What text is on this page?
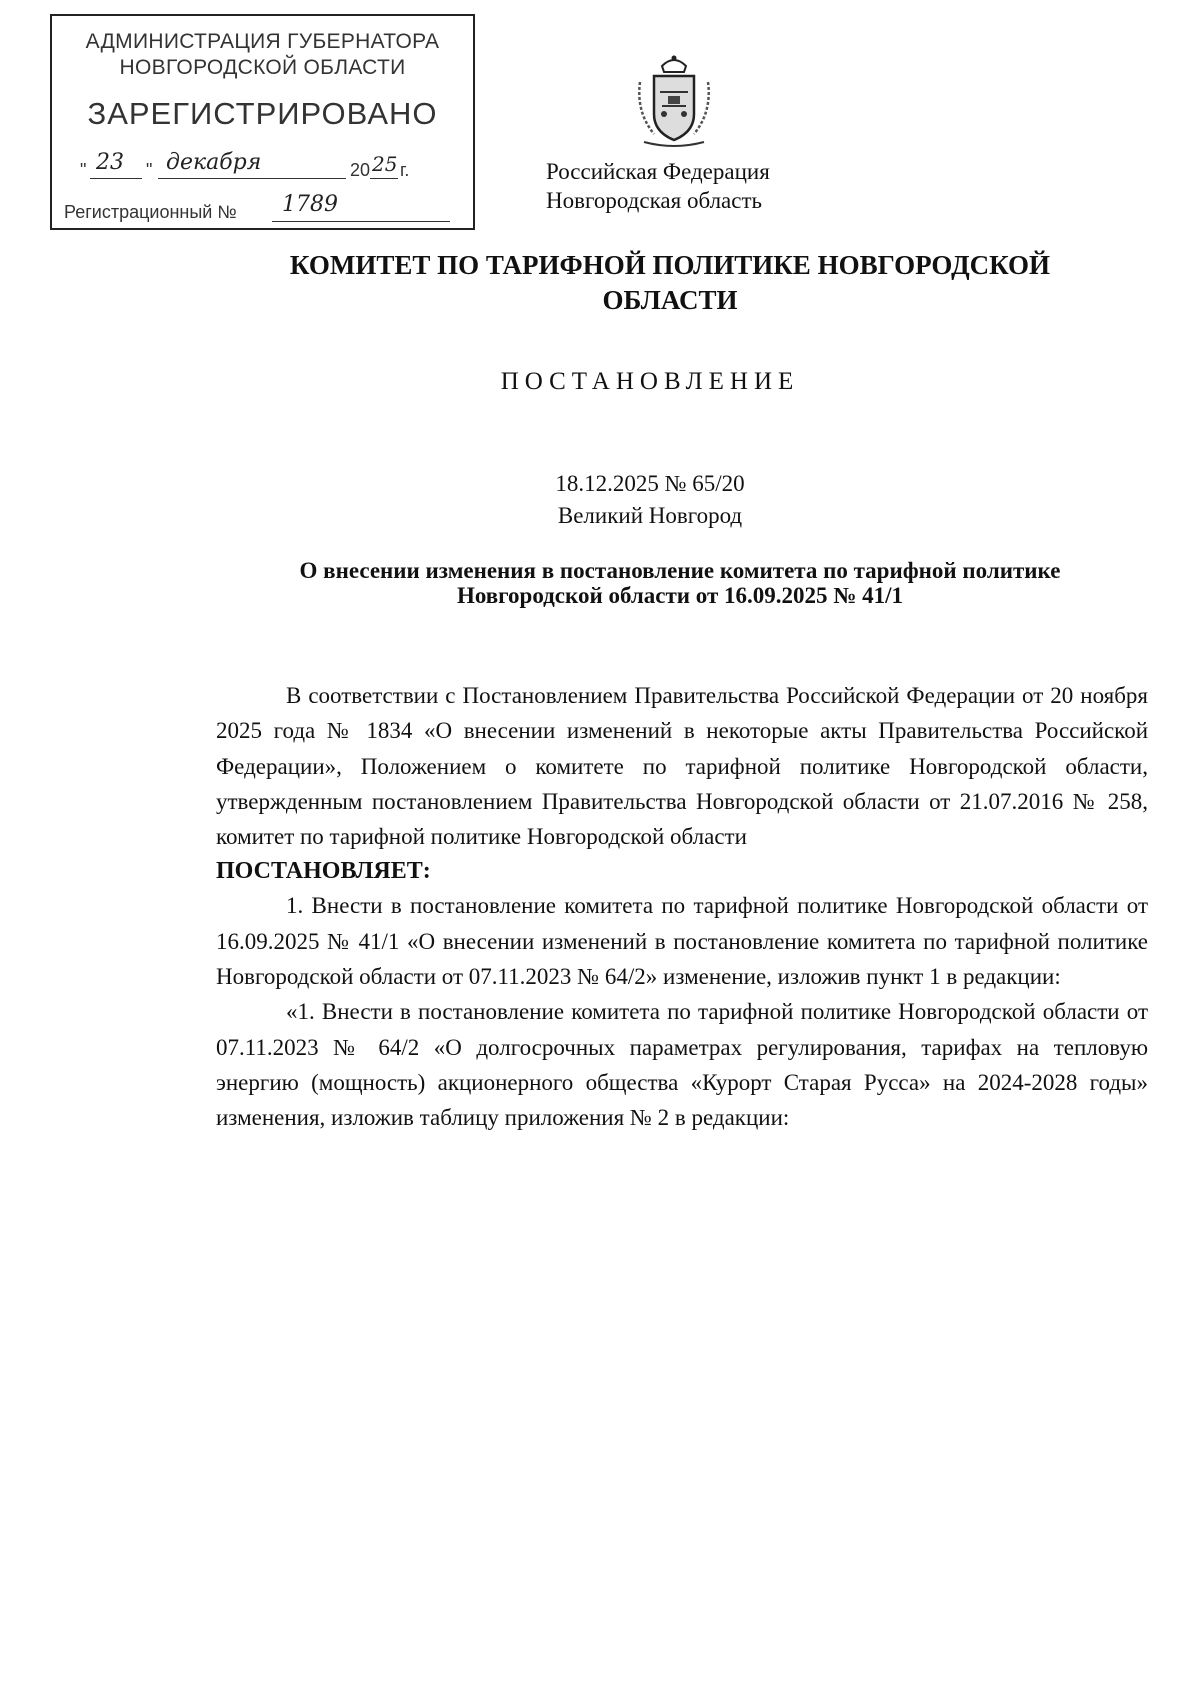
АДМИНИСТРАЦИЯ ГУБЕРНАТОРА
НОВГОРОДСКОЙ ОБЛАСТИ
ЗАРЕГИСТРИРОВАНО
" 23 " декабря	20 25 г.
Регистрационный № 1789
Российская Федерация
Новгородская область
КОМИТЕТ ПО ТАРИФНОЙ ПОЛИТИКЕ НОВГОРОДСКОЙ
ОБЛАСТИ
ПОСТАНОВЛЕНИЕ
18.12.2025 № 65/20
Великий Новгород
О внесении изменения в постановление комитета по тарифной политике
Новгородской области от 16.09.2025 № 41/1

В соответствии с Постановлением Правительства Российской Федерации от 20 ноября 2025 года № 1834 «О внесении изменений в некоторые акты Правительства Российской Федерации», Положением о комитете по тарифной политике Новгородской области, утвержденным постановлением Правительства Новгородской области от 21.07.2016 № 258, комитет по тарифной политике Новгородской области

ПОСТАНОВЛЯЕТ:

1. Внести в постановление комитета по тарифной политике Новгородской области от 16.09.2025 № 41/1 «О внесении изменений в постановление комитета по тарифной политике Новгородской области от 07.11.2023 № 64/2» изменение, изложив пункт 1 в редакции:

«1. Внести в постановление комитета по тарифной политике Новгородской области от 07.11.2023 № 64/2 «О долгосрочных параметрах регулирования, тарифах на тепловую энергию (мощность) акционерного общества «Курорт Старая Русса» на 2024-2028 годы» изменения, изложив таблицу приложения № 2 в редакции:
